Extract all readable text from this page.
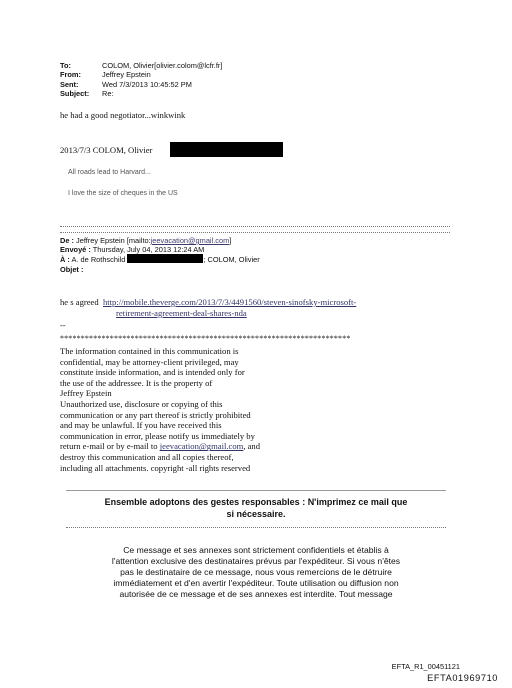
To:	COLOM, Olivier[olivier.colom@lcfr.fr]
From:	Jeffrey Epstein
Sent:	Wed 7/3/2013 10:45:52 PM
Subject:	Re:
he had a good negotiator...winkwink
2013/7/3 COLOM, Olivier
All roads lead to Harvard...
I love the size of cheques in the US
De : Jeffrey Epstein [mailto:jeevacation@gmail.com]
Envoyé : Thursday, July 04, 2013 12:24 AM
À : A. de Rothschild	; COLOM, Olivier
Objet :
he s agreed http://mobile.theverge.com/2013/7/3/4491560/steven-sinofsky-microsoft-
retirement-agreement-deal-shares-nda
--
**********************************************************************
The information contained in this communication is
confidential, may be attorney-client privileged, may
constitute inside information, and is intended only for
the use of the addressee. It is the property of
Jeffrey Epstein
Unauthorized use, disclosure or copying of this
communication or any part thereof is strictly prohibited
and may be unlawful. If you have received this
communication in error, please notify us immediately by
return e-mail or by e-mail to jeevacation@gmail.com, and
destroy this communication and all copies thereof,
including all attachments. copyright -all rights reserved
Ensemble adoptons des gestes responsables : N'imprimez ce mail que
si nécessaire.
Ce message et ses annexes sont strictement confidentiels et établis à
l'attention exclusive des destinataires prévus par l'expéditeur. Si vous n'êtes
pas le destinataire de ce message, nous vous remercions de le détruire
immédiatement et d'en avertir l'expéditeur. Toute utilisation ou diffusion non
autorisée de ce message et de ses annexes est interdite. Tout message
EFTA_R1_00451121
EFTA01969710
